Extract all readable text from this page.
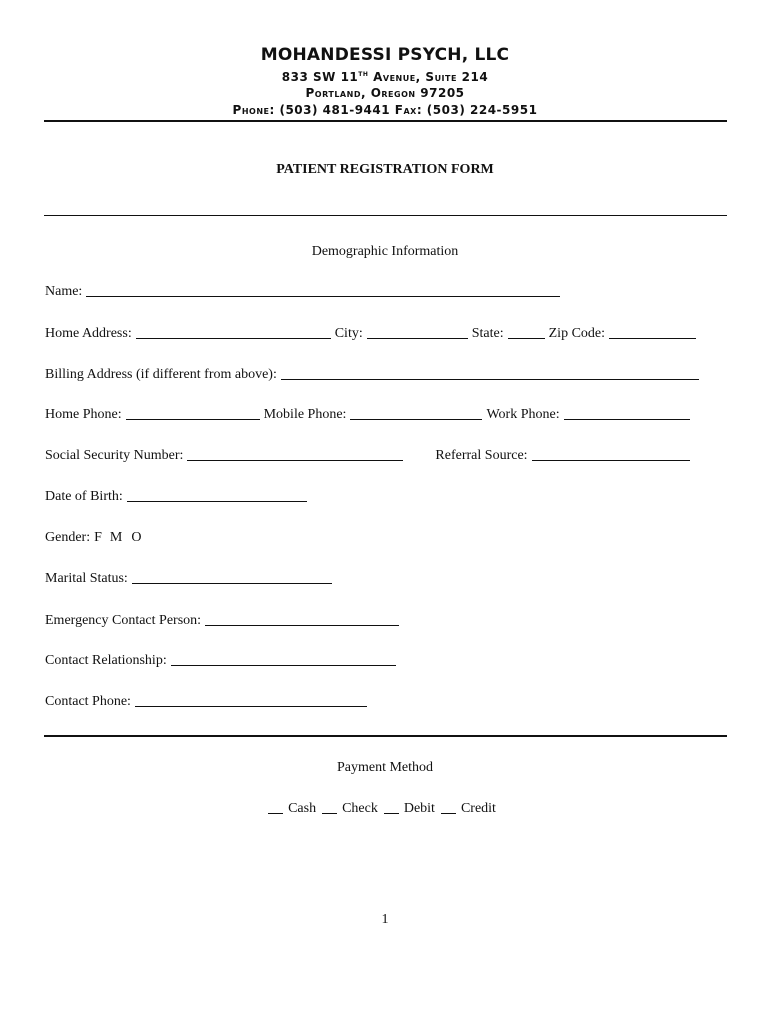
MOHANDESSI PSYCH, LLC
833 SW 11th Avenue, Suite 214
Portland, Oregon 97205
Phone: (503) 481-9441 Fax: (503) 224-5951
PATIENT REGISTRATION FORM
Demographic Information
Name:
Home Address:	City:	State:	Zip Code:
Billing Address (if different from above):
Home Phone:	Mobile Phone:	Work Phone:
Social Security Number:	Referral Source:
Date of Birth:
Gender: F M O
Marital Status:
Emergency Contact Person:
Contact Relationship:
Contact Phone:
Payment Method
Cash Check Debit Credit
1
